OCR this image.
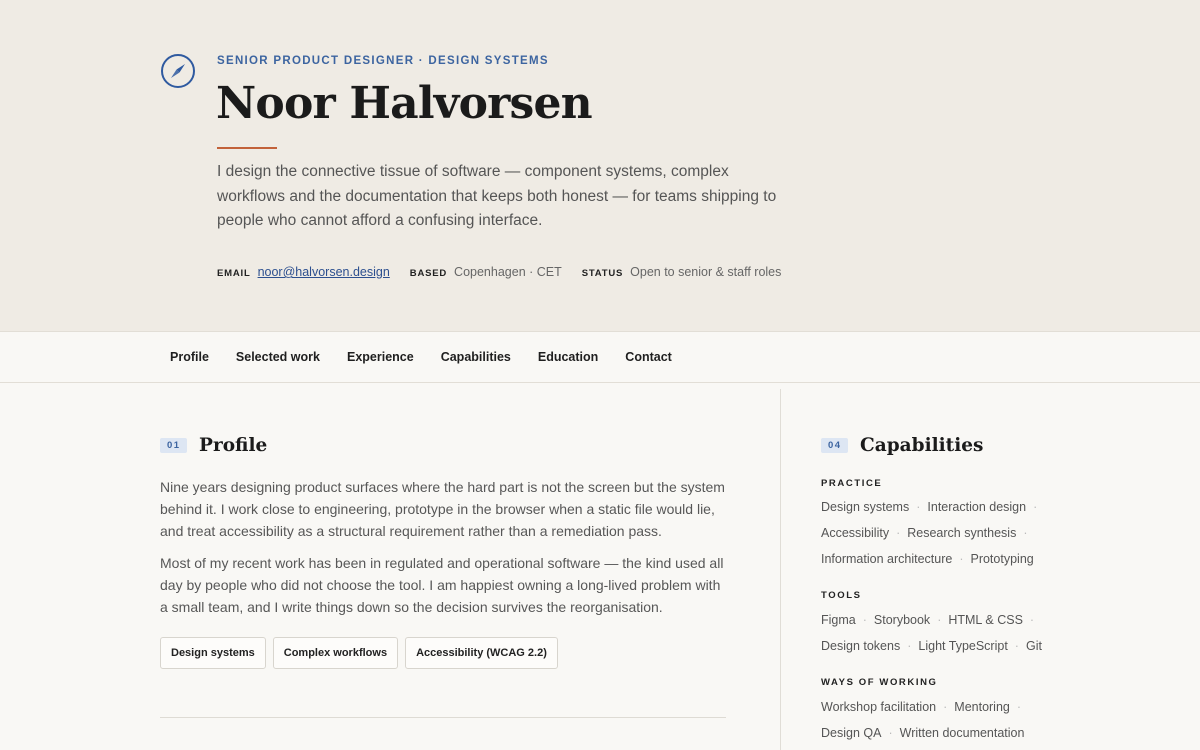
SENIOR PRODUCT DESIGNER · DESIGN SYSTEMS
Noor Halvorsen

I design the connective tissue of software — component systems, complex workflows and the documentation that keeps both honest — for teams shipping to people who cannot afford a confusing interface.

EMAIL noor@halvorsen.design BASED Copenhagen · CET STATUS Open to senior & staff roles
Profile Selected work Experience Capabilities Education Contact
01 Profile

Nine years designing product surfaces where the hard part is not the screen but the system behind it. I work close to engineering, prototype in the browser when a static file would lie, and treat accessibility as a structural requirement rather than a remediation pass.

Most of my recent work has been in regulated and operational software — the kind used all day by people who did not choose the tool. I am happiest owning a long-lived problem with a small team, and I write things down so the decision survives the reorganisation.

Design systems	Complex workflows	Accessibility (WCAG 2.2)
04 Capabilities
PRACTICE
Design systems · Interaction design ·
Accessibility · Research synthesis ·
Information architecture · Prototyping
TOOLS
Figma · Storybook · HTML & CSS ·
Design tokens · Light TypeScript · Git
WAYS OF WORKING
Workshop facilitation · Mentoring ·
Design QA · Written documentation
